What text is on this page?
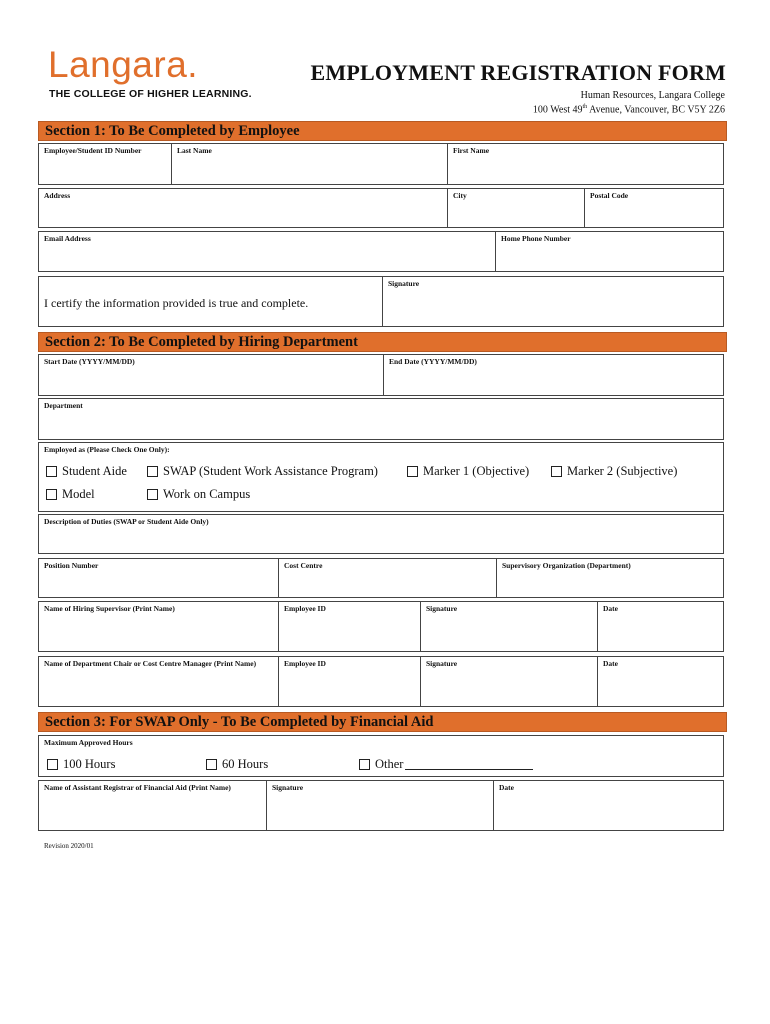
Langara.
THE COLLEGE OF HIGHER LEARNING.
EMPLOYMENT REGISTRATION FORM
Human Resources, Langara College
100 West 49th Avenue, Vancouver, BC V5Y 2Z6
Section 1: To Be Completed by Employee
Employee/Student ID Number	Last Name	First Name
Address	City	Postal Code
Email Address	Home Phone Number
I certify the information provided is true and complete.
Signature
Section 2: To Be Completed by Hiring Department
Start Date (YYYY/MM/DD)	End Date (YYYY/MM/DD)
Department
Employed as (Please Check One Only):
Student Aide	SWAP (Student Work Assistance Program)	Marker 1 (Objective)	Marker 2 (Subjective)
Model	Work on Campus
Description of Duties (SWAP or Student Aide Only)
Position Number	Cost Centre	Supervisory Organization (Department)
Name of Hiring Supervisor (Print Name)	Employee ID	Signature	Date
Name of Department Chair or Cost Centre Manager (Print Name)	Employee ID	Signature	Date
Section 3: For SWAP Only - To Be Completed by Financial Aid
Maximum Approved Hours
100 Hours	60 Hours	Other
Name of Assistant Registrar of Financial Aid (Print Name)	Signature	Date
Revision 2020/01
